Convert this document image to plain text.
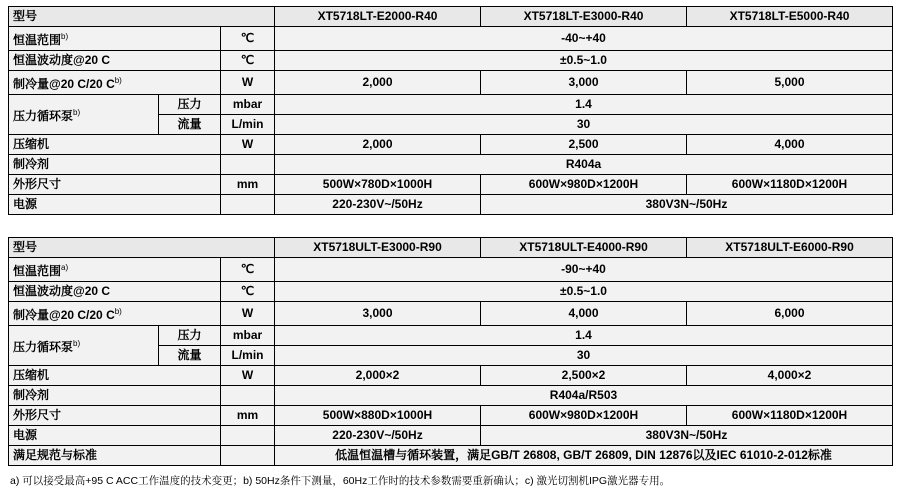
型号			XT5718LT-E2000-R40	XT5718LT-E3000-R40	XT5718LT-E5000-R40
恒温范围$^{b)}$		℃	-40~+40		
恒温波动度@20 C		℃	±0.5~1.0		
制冷量@20 C/20 C$^{b)}$		W	2,000	3,000	5,000
压力循环泵$^{b)}$	压力	mbar	1.4		
	流量	L/min	30		
压缩机		W	2,000	2,500	4,000
制冷剂			R404a		
外形尺寸		mm	500W×780D×1000H	600W×980D×1200H	600W×1180D×1200H
电源			220-230V~/50Hz	380V3N~/50Hz	
型号			XT5718ULT-E3000-R90	XT5718ULT-E4000-R90	XT5718ULT-E6000-R90
恒温范围$^{a)}$		℃	-90~+40		
恒温波动度@20 C		℃	±0.5~1.0		
制冷量@20 C/20 C$^{b)}$		W	3,000	4,000	6,000
压力循环泵$^{b)}$	压力	mbar	1.4		
	流量	L/min	30		
压缩机		W	2,000×2	2,500×2	4,000×2
制冷剂			R404a/R503		
外形尺寸		mm	500W×880D×1000H	600W×980D×1200H	600W×1180D×1200H
电源			220-230V~/50Hz	380V3N~/50Hz	
满足规范与标准			低温恒温槽与循环装置，满足GB/T 26808, GB/T 26809, DIN 12876以及IEC 61010-2-012标准		
a) 可以接受最高+95 C ACC工作温度的技术变更；b) 50Hz条件下测量，60Hz工作时的技术参数需要重新确认；c) 激光切割机IPG激光器专用。
